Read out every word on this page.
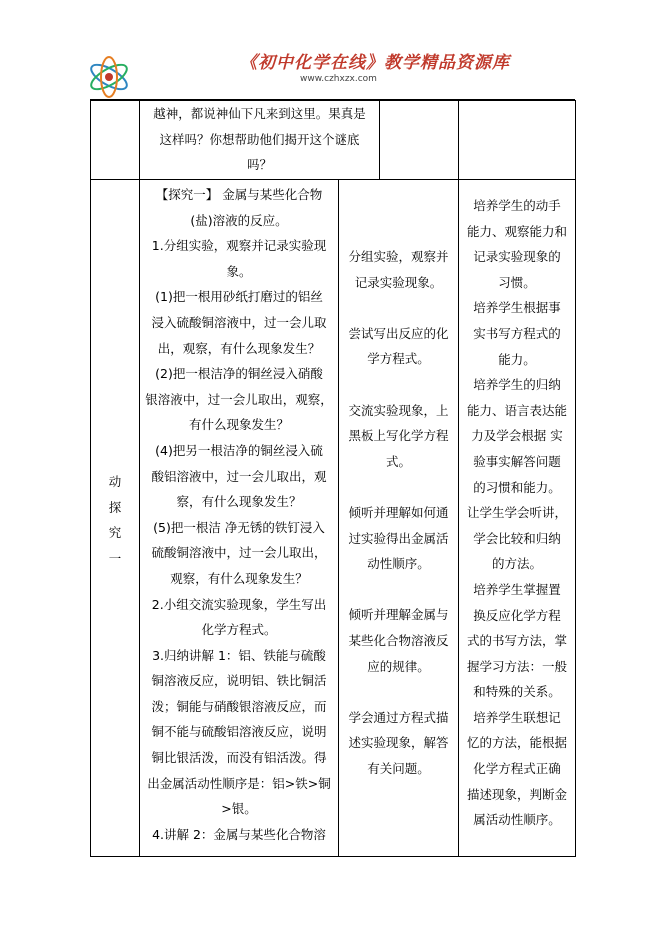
《初中化学在线》教学精品资源库
www.czhxzx.com
越神，都说神仙下凡来到这里。果真是
这样吗？你想帮助他们揭开这个谜底
吗？
动
探
究
一
【探究一】 金属与某些化合物
(盐)溶液的反应。
1.分组实验，观察并记录实验现
象。
(1)把一根用砂纸打磨过的铝丝
浸入硫酸铜溶液中，过一会儿取
出，观察，有什么现象发生？
(2)把一根洁净的铜丝浸入硝酸
银溶液中，过一会儿取出，观察，
有什么现象发生？
(4)把另一根洁净的铜丝浸入硫
酸铝溶液中，过一会儿取出，观
察，有什么现象发生？
(5)把一根洁 净无锈的铁钉浸入
硫酸铜溶液中，过一会儿取出，
观察，有什么现象发生？
2.小组交流实验现象，学生写出
化学方程式。
3.归纳讲解 1：铝、铁能与硫酸
铜溶液反应，说明铝、铁比铜活
泼；铜能与硝酸银溶液反应，而
铜不能与硫酸铝溶液反应，说明
铜比银活泼，而没有铝活泼。得
出金属活动性顺序是：铝>铁>铜
>银。
4.讲解 2：金属与某些化合物溶
分组实验，观察并
记录实验现象。

尝试写出反应的化
学方程式。

交流实验现象，上
黑板上写化学方程
式。

倾听并理解如何通
过实验得出金属活
动性顺序。

倾听并理解金属与
某些化合物溶液反
应的规律。

学会通过方程式描
述实验现象，解答
有关问题。
培养学生的动手
能力、观察能力和
记录实验现象的
习惯。
培养学生根据事
实书写方程式的
能力。
培养学生的归纳
能力、语言表达能
力及学会根据 实
验事实解答问题
的习惯和能力。
让学生学会听讲，
学会比较和归纳
的方法。
培养学生掌握置
换反应化学方程
式的书写方法，掌
握学习方法：一般
和特殊的关系。
培养学生联想记
忆的方法，能根据
化学方程式正确
描述现象，判断金
属活动性顺序。
